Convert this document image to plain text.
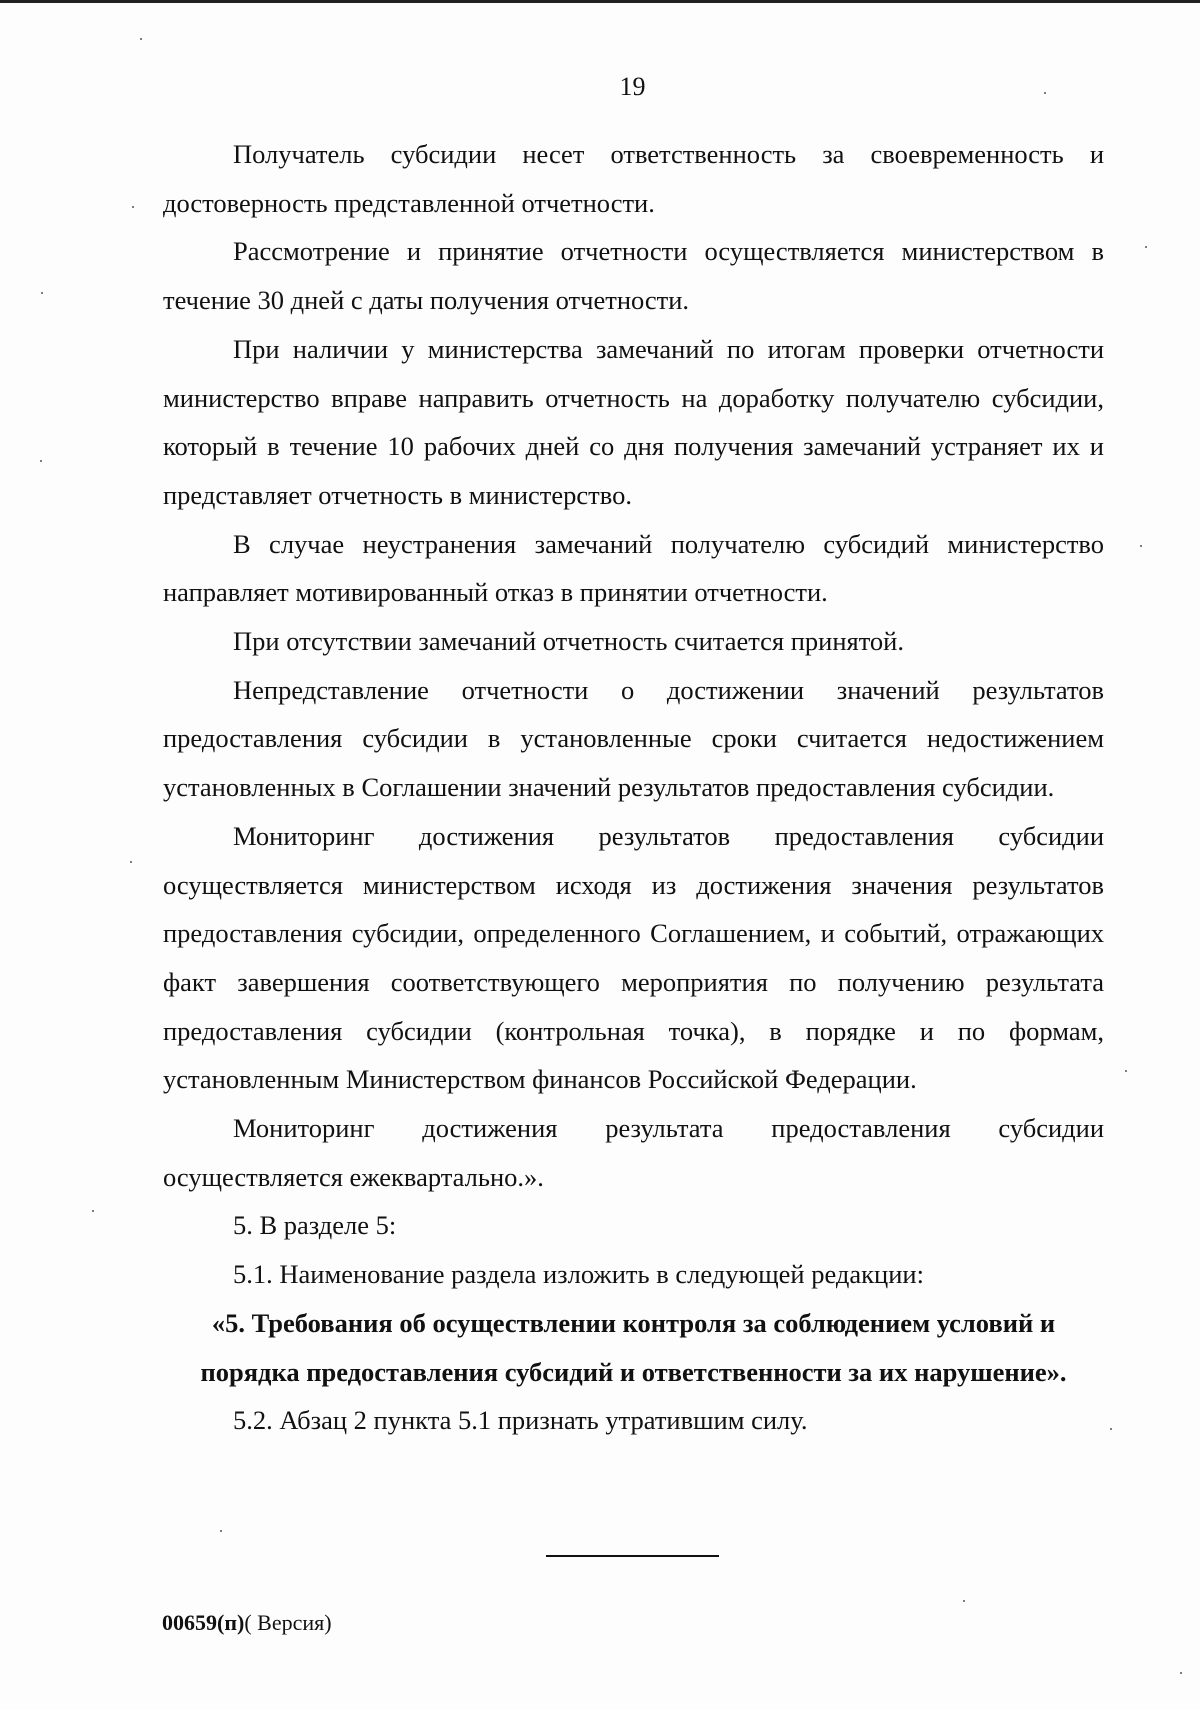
19

Получатель субсидии несет ответственность за своевременность и достоверность представленной отчетности.

Рассмотрение и принятие отчетности осуществляется министерством в течение 30 дней с даты получения отчетности.

При наличии у министерства замечаний по итогам проверки отчетности министерство вправе направить отчетность на доработку получателю субсидии, который в течение 10 рабочих дней со дня получения замечаний устраняет их и представляет отчетность в министерство.

В случае неустранения замечаний получателю субсидий министерство направляет мотивированный отказ в принятии отчетности.

При отсутствии замечаний отчетность считается принятой.

Непредставление отчетности о достижении значений результатов предоставления субсидии в установленные сроки считается недостижением установленных в Соглашении значений результатов предоставления субсидии.

Мониторинг достижения результатов предоставления субсидии осуществляется министерством исходя из достижения значения результатов предоставления субсидии, определенного Соглашением, и событий, отражающих факт завершения соответствующего мероприятия по получению результата предоставления субсидии (контрольная точка), в порядке и по формам, установленным Министерством финансов Российской Федерации.

Мониторинг достижения результата предоставления субсидии осуществляется ежеквартально.».

5. В разделе 5:

5.1. Наименование раздела изложить в следующей редакции:

«5. Требования об осуществлении контроля за соблюдением условий и
порядка предоставления субсидий и ответственности за их нарушение».

5.2. Абзац 2 пункта 5.1 признать утратившим силу.

00659(п)( Версия)
